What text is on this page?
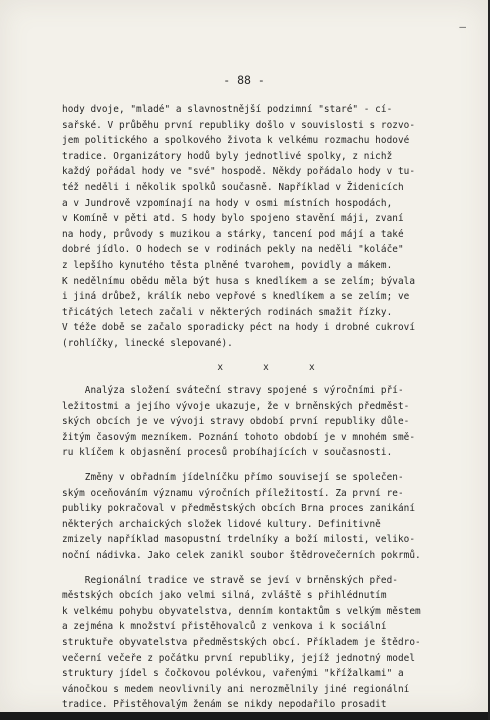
–
- 88 -
hody dvoje, "mladé" a slavnostnější podzimní "staré" - cí-
sařské. V průběhu první republiky došlo v souvislosti s rozvo-
jem politického a spolkového života k velkému rozmachu hodové
tradice. Organizátory hodů byly jednotlivé spolky, z nichž
každý pořádal hody ve "své" hospodě. Někdy pořádalo hody v tu-
též neděli i několik spolků současně. Například v Židenicích
a v Jundrově vzpomínají na hody v osmi místních hospodách,
v Komíně v pěti atd. S hody bylo spojeno stavění máji, zvaní
na hody, průvody s muzikou a stárky, tancení pod májí a také
dobré jídlo. O hodech se v rodinách pekly na neděli "koláče"
z lepšího kynutého těsta plněné tvarohem, povidly a mákem.
K nedělnímu obědu měla být husa s knedlíkem a se zelím; bývala
i jiná drůbež, králík nebo vepřové s knedlíkem a se zelím; ve
třicátých letech začali v některých rodinách smažit řízky.
V téže době se začalo sporadicky péct na hody i drobné cukroví
(rohlíčky, linecké slepované).
x     x     x
Analýza složení sváteční stravy spojené s výročními pří-
ležitostmi a jejího vývoje ukazuje, že v brněnských předměst-
ských obcích je ve vývoji stravy období první republiky důle-
žitým časovým mezníkem. Poznání tohoto období je v mnohém smě-
ru klíčem k objasnění procesů probíhajících v současnosti.
Změny v obřadním jídelníčku přímo souvisejí se společen-
ským oceňováním významu výročních příležitostí. Za první re-
publiky pokračoval v předměstských obcích Brna proces zanikání
některých archaických složek lidové kultury. Definitivně
zmizely například masopustní trdelníky a boží milosti, veliko-
noční nádivka. Jako celek zanikl soubor štědrovečerních pokrmů.
Regionální tradice ve stravě se jeví v brněnských před-
městských obcích jako velmi silná, zvláště s přihlédnutím
k velkému pohybu obyvatelstva, denním kontaktům s velkým městem
a zejména k množství přistěhovalců z venkova i k sociální
struktuře obyvatelstva předměstských obcí. Příkladem je štědro-
večerní večeře z počátku první republiky, jejíž jednotný model
struktury jídel s čočkovou polévkou, vařenými "křížalkami" a
vánočkou s medem neovlivnily ani nerozmělnily jiné regionální
tradice. Přistěhovalým ženám se nikdy nepodařilo prosadit
